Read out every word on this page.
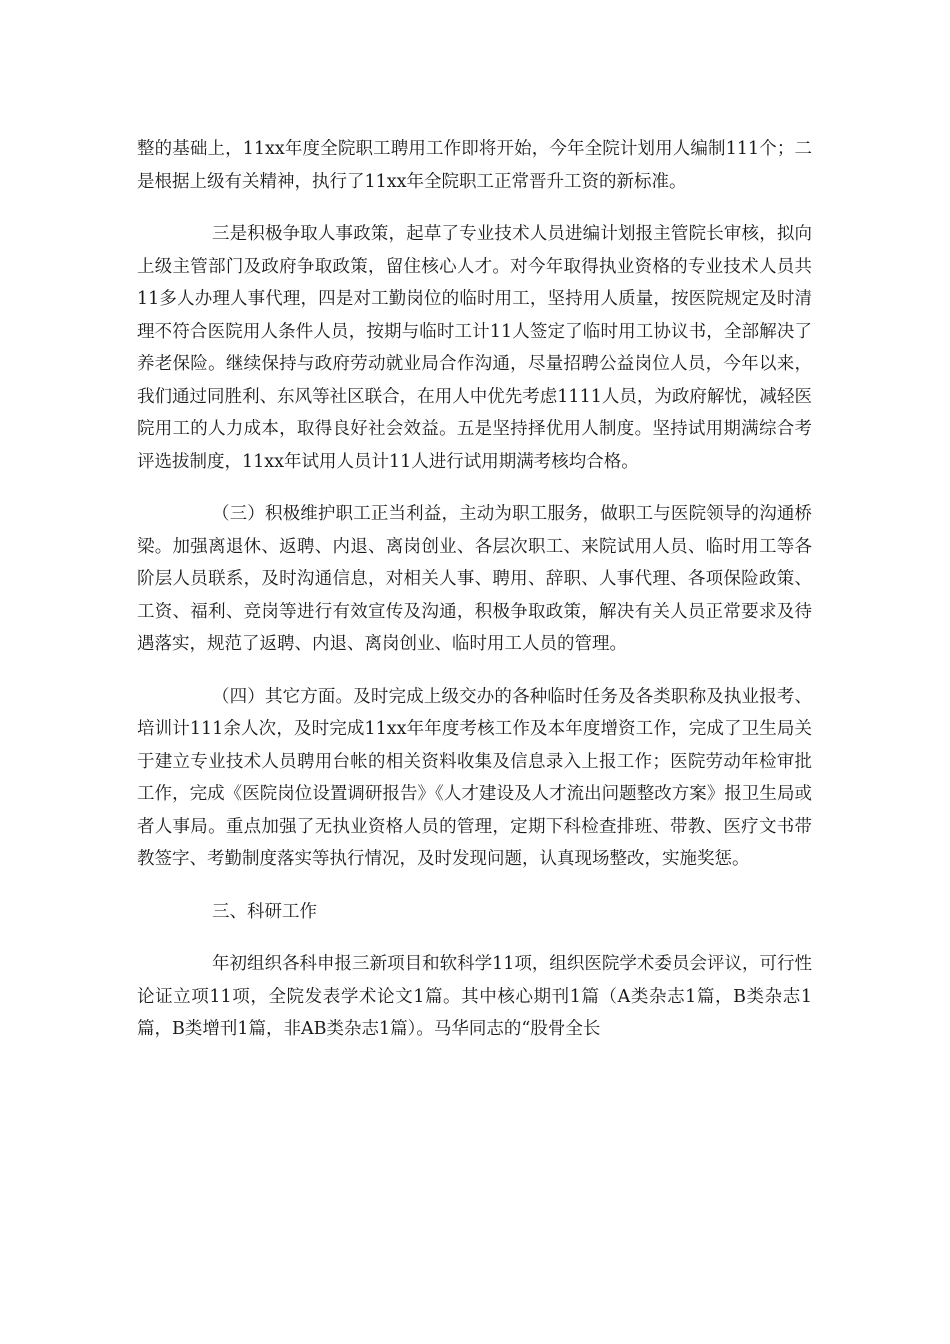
整的基础上，11xx年度全院职工聘用工作即将开始，今年全院计划用人编制111个；二是根据上级有关精神，执行了11xx年全院职工正常晋升工资的新标准。

三是积极争取人事政策，起草了专业技术人员进编计划报主管院长审核，拟向上级主管部门及政府争取政策，留住核心人才。对今年取得执业资格的专业技术人员共11多人办理人事代理，四是对工勤岗位的临时用工，坚持用人质量，按医院规定及时清理不符合医院用人条件人员，按期与临时工计11人签定了临时用工协议书，全部解决了养老保险。继续保持与政府劳动就业局合作沟通，尽量招聘公益岗位人员，今年以来，我们通过同胜利、东风等社区联合，在用人中优先考虑1111人员，为政府解忧，减轻医院用工的人力成本，取得良好社会效益。五是坚持择优用人制度。坚持试用期满综合考评选拔制度，11xx年试用人员计11人进行试用期满考核均合格。

（三）积极维护职工正当利益，主动为职工服务，做职工与医院领导的沟通桥梁。加强离退休、返聘、内退、离岗创业、各层次职工、来院试用人员、临时用工等各阶层人员联系，及时沟通信息，对相关人事、聘用、辞职、人事代理、各项保险政策、工资、福利、竞岗等进行有效宣传及沟通，积极争取政策，解决有关人员正常要求及待遇落实，规范了返聘、内退、离岗创业、临时用工人员的管理。

（四）其它方面。及时完成上级交办的各种临时任务及各类职称及执业报考、培训计111余人次，及时完成11xx年年度考核工作及本年度增资工作，完成了卫生局关于建立专业技术人员聘用台帐的相关资料收集及信息录入上报工作；医院劳动年检审批工作，完成《医院岗位设置调研报告》《人才建设及人才流出问题整改方案》报卫生局或者人事局。重点加强了无执业资格人员的管理，定期下科检查排班、带教、医疗文书带教签字、考勤制度落实等执行情况，及时发现问题，认真现场整改，实施奖惩。

三、科研工作

年初组织各科申报三新项目和软科学11项，组织医院学术委员会评议，可行性论证立项11项，全院发表学术论文1篇。其中核心期刊1篇（A类杂志1篇，B类杂志1篇，B类增刊1篇，非AB类杂志1篇）。马华同志的“股骨全长
